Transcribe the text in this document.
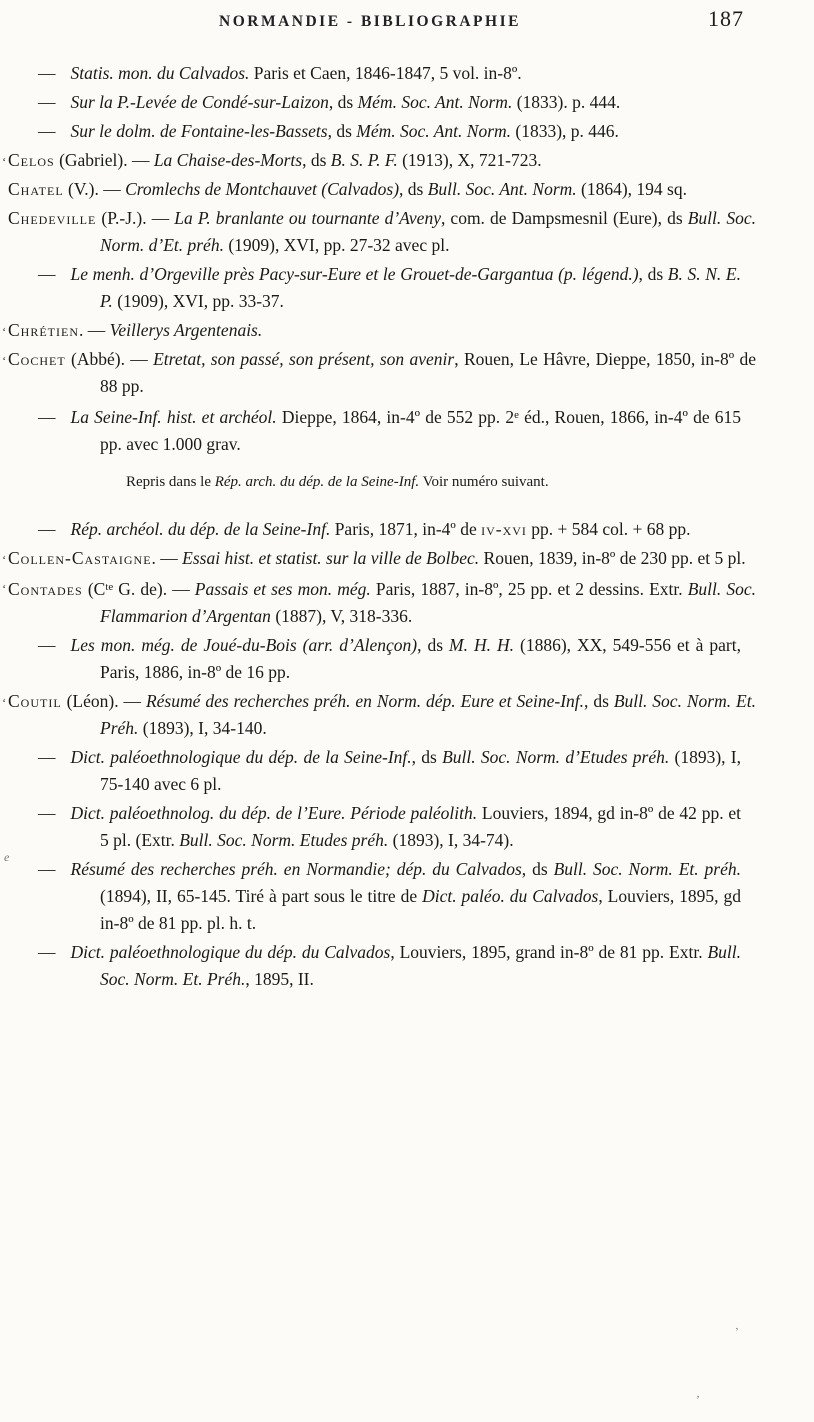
NORMANDIE - BIBLIOGRAPHIE	187

— Statis. mon. du Calvados. Paris et Caen, 1846-1847, 5 vol. in-8º.

— Sur la P.-Levée de Condé-sur-Laizon, ds Mém. Soc. Ant. Norm. (1833). p. 444.

— Sur le dolm. de Fontaine-les-Bassets, ds Mém. Soc. Ant. Norm. (1833), p. 446.

‘ Celos (Gabriel). — La Chaise-des-Morts, ds B. S. P. F. (1913), X, 721-723.

Chatel (V.). — Cromlechs de Montchauvet (Calvados), ds Bull. Soc. Ant. Norm. (1864), 194 sq.

Chedeville (P.-J.). — La P. branlante ou tournante d’Aveny, com. de Dampsmesnil (Eure), ds Bull. Soc. Norm. d’Et. préh. (1909), XVI, pp. 27-32 avec pl.

— Le menh. d’Orgeville près Pacy-sur-Eure et le Grouet-de-Gargantua (p. légend.), ds B. S. N. E. P. (1909), XVI, pp. 33-37.

‘ Chrétien. — Veillerys Argentenais.

‘ Cochet (Abbé). — Etretat, son passé, son présent, son avenir, Rouen, Le Hâvre, Dieppe, 1850, in-8º de 88 pp.

— La Seine-Inf. hist. et archéol. Dieppe, 1864, in-4º de 552 pp. 2e éd., Rouen, 1866, in-4º de 615 pp. avec 1.000 grav.

Repris dans le Rép. arch. du dép. de la Seine-Inf. Voir numéro suivant.

— Rép. archéol. du dép. de la Seine-Inf. Paris, 1871, in-4º de iv-xvi pp. + 584 col. + 68 pp.

‘ Collen-Castaigne. — Essai hist. et statist. sur la ville de Bolbec. Rouen, 1839, in-8º de 230 pp. et 5 pl.

‘ Contades ($C^{te}$ G. de). — Passais et ses mon. még. Paris, 1887, in-8º, 25 pp. et 2 dessins. Extr. Bull. Soc. Flammarion d’Argentan (1887), V, 318-336.

— Les mon. még. de Joué-du-Bois (arr. d’Alençon), ds M. H. H. (1886), XX, 549-556 et à part, Paris, 1886, in-8º de 16 pp.

‘ Coutil (Léon). — Résumé des recherches préh. en Norm. dép. Eure et Seine-Inf., ds Bull. Soc. Norm. Et. Préh. (1893), I, 34-140.

— Dict. paléoethnologique du dép. de la Seine-Inf., ds Bull. Soc. Norm. d’Etudes préh. (1893), I, 75-140 avec 6 pl.

— Dict. paléoethnolog. du dép. de l’Eure. Période paléolith. Louviers, 1894, gd in-8º de 42 pp. et 5 pl. (Extr. Bull. Soc. Norm. Etudes préh. (1893), I, 34-74).

— Résumé des recherches préh. en Normandie; dép. du Calvados, ds Bull. Soc. Norm. Et. préh. (1894), II, 65-145. Tiré à part sous le titre de Dict. paléo. du Calvados, Louviers, 1895, gd in-8º de 81 pp. pl. h. t.

— Dict. paléoethnologique du dép. du Calvados, Louviers, 1895, grand in-8º de 81 pp. Extr. Bull. Soc. Norm. Et. Préh., 1895, II.

e
,
,
